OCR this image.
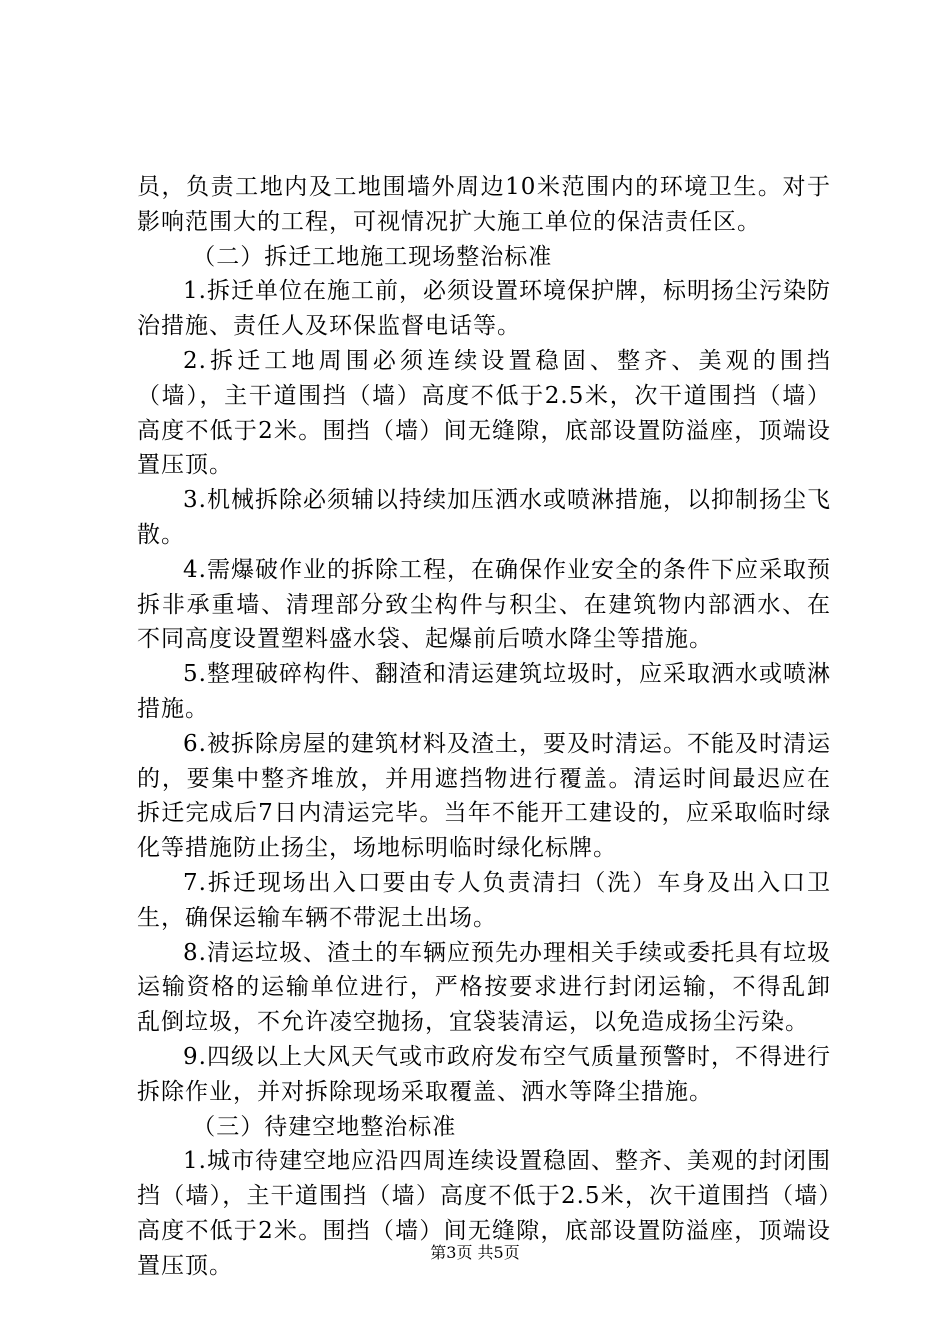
员，负责工地内及工地围墙外周边10米范围内的环境卫生。对于影响范围大的工程，可视情况扩大施工单位的保洁责任区。

（二）拆迁工地施工现场整治标准

1.拆迁单位在施工前，必须设置环境保护牌，标明扬尘污染防治措施、责任人及环保监督电话等。

2.拆迁工地周围必须连续设置稳固、整齐、美观的围挡（墙），主干道围挡（墙）高度不低于2.5米，次干道围挡（墙）高度不低于2米。围挡（墙）间无缝隙，底部设置防溢座，顶端设置压顶。

3.机械拆除必须辅以持续加压洒水或喷淋措施，以抑制扬尘飞散。

4.需爆破作业的拆除工程，在确保作业安全的条件下应采取预拆非承重墙、清理部分致尘构件与积尘、在建筑物内部洒水、在不同高度设置塑料盛水袋、起爆前后喷水降尘等措施。

5.整理破碎构件、翻渣和清运建筑垃圾时，应采取洒水或喷淋措施。

6.被拆除房屋的建筑材料及渣土，要及时清运。不能及时清运的，要集中整齐堆放，并用遮挡物进行覆盖。清运时间最迟应在拆迁完成后7日内清运完毕。当年不能开工建设的，应采取临时绿化等措施防止扬尘，场地标明临时绿化标牌。

7.拆迁现场出入口要由专人负责清扫（洗）车身及出入口卫生，确保运输车辆不带泥土出场。

8.清运垃圾、渣土的车辆应预先办理相关手续或委托具有垃圾运输资格的运输单位进行，严格按要求进行封闭运输，不得乱卸乱倒垃圾，不允许凌空抛扬，宜袋装清运，以免造成扬尘污染。

9.四级以上大风天气或市政府发布空气质量预警时，不得进行拆除作业，并对拆除现场采取覆盖、洒水等降尘措施。

（三）待建空地整治标准

1.城市待建空地应沿四周连续设置稳固、整齐、美观的封闭围挡（墙），主干道围挡（墙）高度不低于2.5米，次干道围挡（墙）高度不低于2米。围挡（墙）间无缝隙，底部设置防溢座，顶端设置压顶。

第3页 共5页
